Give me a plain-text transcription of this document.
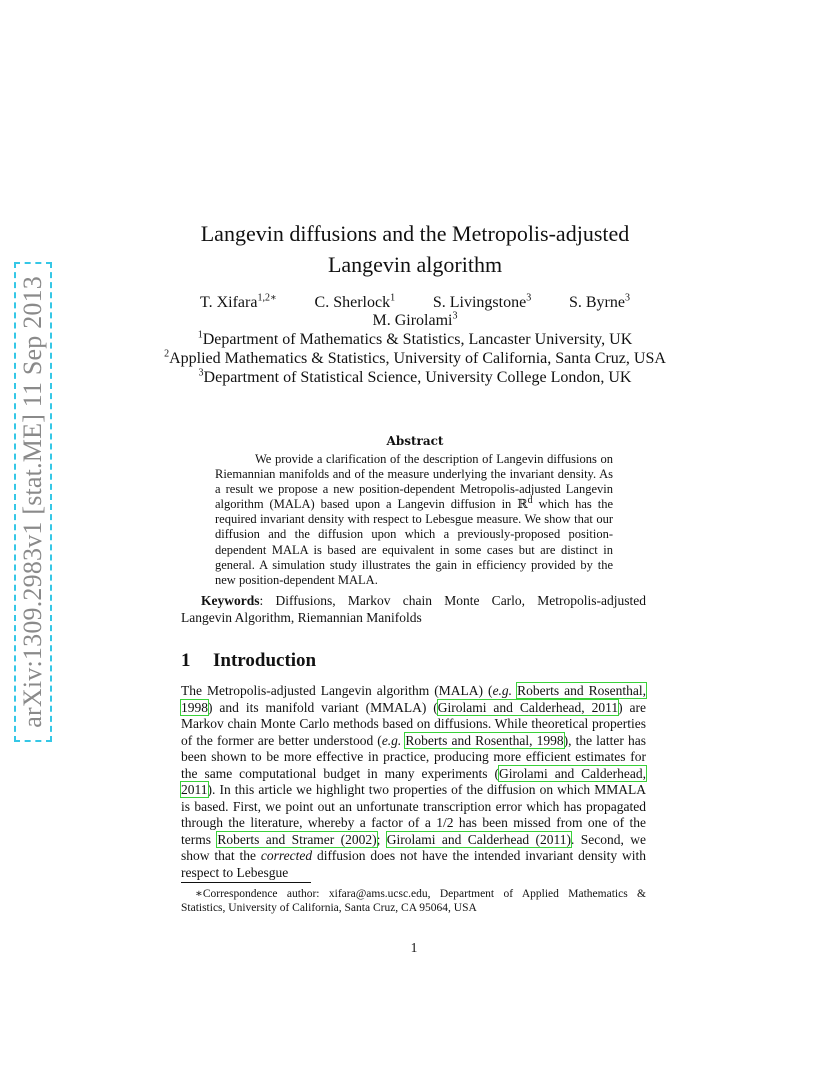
arXiv:1309.2983v1 [stat.ME] 11 Sep 2013
Langevin diffusions and the Metropolis-adjusted
Langevin algorithm
T. Xifara$^{1,2∗}$ C. Sherlock$^1$ S. Livingstone$^3$ S. Byrne$^3$
M. Girolami$^3$
$^1$Department of Mathematics & Statistics, Lancaster University, UK
$^2$Applied Mathematics & Statistics, University of California, Santa Cruz, USA
$^3$Department of Statistical Science, University College London, UK
Abstract
We provide a clarification of the description of Langevin diffusions on Riemannian manifolds and of the measure underlying the invariant density. As a result we propose a new position-dependent Metropolis-adjusted Langevin algorithm (MALA) based upon a Langevin diffusion in ℝ$^d$ which has the required invariant density with respect to Lebesgue measure. We show that our diffusion and the diffusion upon which a previously-proposed position-dependent MALA is based are equivalent in some cases but are distinct in general. A simulation study illustrates the gain in efficiency provided by the new position-dependent MALA.
Keywords: Diffusions, Markov chain Monte Carlo, Metropolis-adjusted Langevin Algorithm, Riemannian Manifolds
1 Introduction
The Metropolis-adjusted Langevin algorithm (MALA) (e.g. Roberts and Rosenthal, 1998) and its manifold variant (MMALA) (Girolami and Calderhead, 2011) are Markov chain Monte Carlo methods based on diffusions. While theoretical properties of the former are better understood (e.g. Roberts and Rosenthal, 1998), the latter has been shown to be more effective in practice, producing more efficient estimates for the same computational budget in many experiments (Girolami and Calderhead, 2011). In this article we highlight two properties of the diffusion on which MMALA is based. First, we point out an unfortunate transcription error which has propagated through the literature, whereby a factor of a 1/2 has been missed from one of the terms Roberts and Stramer (2002); Girolami and Calderhead (2011). Second, we show that the corrected diffusion does not have the intended invariant density with respect to Lebesgue
∗Correspondence author: xifara@ams.ucsc.edu, Department of Applied Mathematics & Statistics, University of California, Santa Cruz, CA 95064, USA
1
